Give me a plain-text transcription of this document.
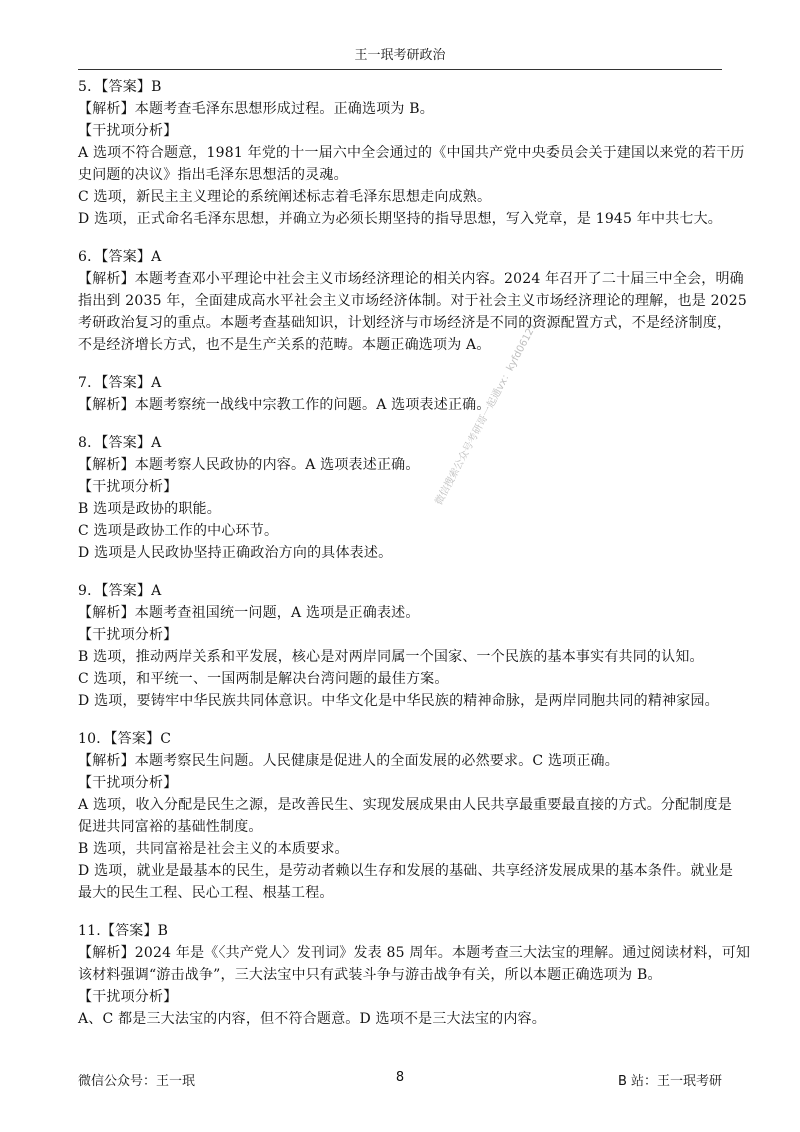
王一珉考研政治
微信搜索公众号考研哥一起通vx：kyfd06121
5．【答案】B
【解析】本题考查毛泽东思想形成过程。正确选项为 B。
【干扰项分析】
A 选项不符合题意，1981 年党的十一届六中全会通过的《中国共产党中央委员会关于建国以来党的若干历
史问题的决议》指出毛泽东思想活的灵魂。
C 选项，新民主主义理论的系统阐述标志着毛泽东思想走向成熟。
D 选项，正式命名毛泽东思想，并确立为必须长期坚持的指导思想，写入党章，是 1945 年中共七大。
6．【答案】A
【解析】本题考查邓小平理论中社会主义市场经济理论的相关内容。2024 年召开了二十届三中全会，明确
指出到 2035 年，全面建成高水平社会主义市场经济体制。对于社会主义市场经济理论的理解，也是 2025
考研政治复习的重点。本题考查基础知识，计划经济与市场经济是不同的资源配置方式，不是经济制度，
不是经济增长方式，也不是生产关系的范畴。本题正确选项为 A。
7．【答案】A
【解析】本题考察统一战线中宗教工作的问题。A 选项表述正确。
8．【答案】A
【解析】本题考察人民政协的内容。A 选项表述正确。
【干扰项分析】
B 选项是政协的职能。
C 选项是政协工作的中心环节。
D 选项是人民政协坚持正确政治方向的具体表述。
9．【答案】A
【解析】本题考查祖国统一问题，A 选项是正确表述。
【干扰项分析】
B 选项，推动两岸关系和平发展，核心是对两岸同属一个国家、一个民族的基本事实有共同的认知。
C 选项，和平统一、一国两制是解决台湾问题的最佳方案。
D 选项，要铸牢中华民族共同体意识。中华文化是中华民族的精神命脉，是两岸同胞共同的精神家园。
10．【答案】C
【解析】本题考察民生问题。人民健康是促进人的全面发展的必然要求。C 选项正确。
【干扰项分析】
A 选项，收入分配是民生之源，是改善民生、实现发展成果由人民共享最重要最直接的方式。分配制度是
促进共同富裕的基础性制度。
B 选项，共同富裕是社会主义的本质要求。
D 选项，就业是最基本的民生，是劳动者赖以生存和发展的基础、共享经济发展成果的基本条件。就业是
最大的民生工程、民心工程、根基工程。
11.【答案】B
【解析】2024 年是《〈共产党人〉发刊词》发表 85 周年。本题考查三大法宝的理解。通过阅读材料，可知
该材料强调“游击战争”，三大法宝中只有武装斗争与游击战争有关，所以本题正确选项为 B。
【干扰项分析】
A、C 都是三大法宝的内容，但不符合题意。D 选项不是三大法宝的内容。
微信公众号：王一珉	8	B 站：王一珉考研
